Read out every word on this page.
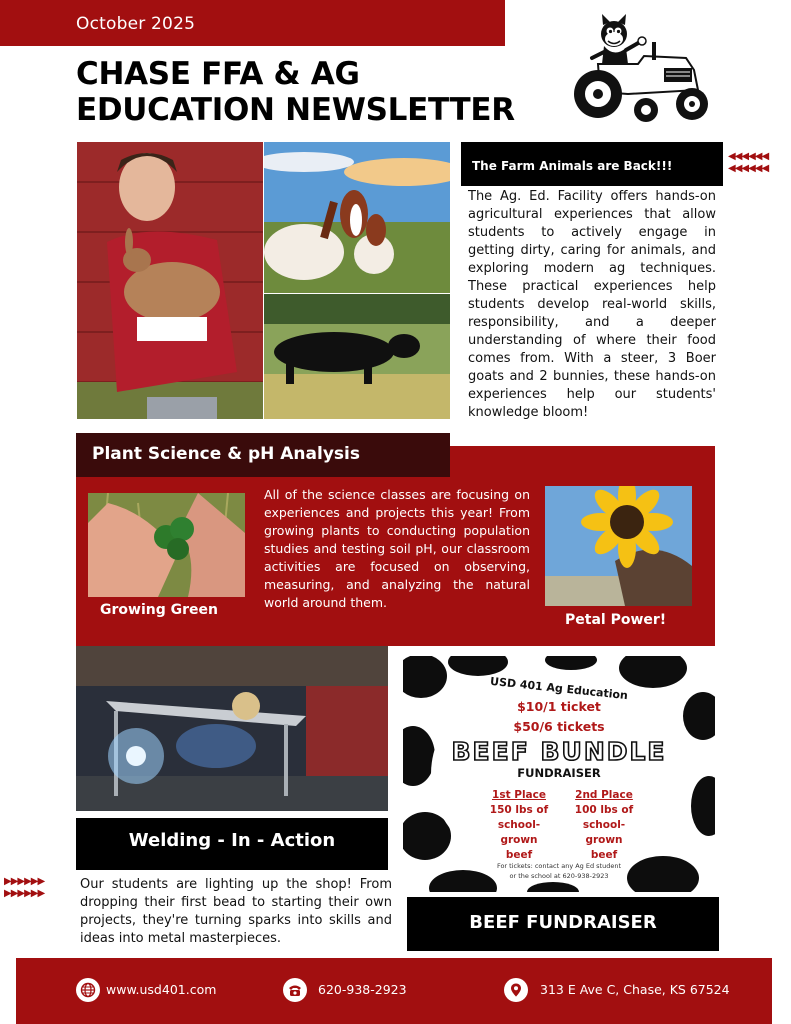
October 2025
CHASE FFA & AG
EDUCATION NEWSLETTER
The Farm Animals are Back!!!
◀◀◀◀◀◀
◀◀◀◀◀◀
The Ag. Ed. Facility offers hands-on agricultural experiences that allow students to actively engage in getting dirty, caring for animals, and exploring modern ag techniques. These practical experiences help students develop real-world skills, responsibility, and a deeper understanding of where their food comes from. With a steer, 3 Boer goats and 2 bunnies, these hands-on experiences help our students' knowledge bloom!
Plant Science & pH Analysis
Growing Green
All of the science classes are focusing on experiences and projects this year! From growing plants to conducting population studies and testing soil pH, our classroom activities are focused on observing, measuring, and analyzing the natural world around them.
Petal Power!
Welding - In - Action
▶▶▶▶▶▶
▶▶▶▶▶▶
Our students are lighting up the shop! From dropping their first bead to starting their own projects, they're turning sparks into skills and ideas into metal masterpieces.
USD 401 Ag Education
$10/1 ticket
$50/6 tickets
BEEF BUNDLE
FUNDRAISER
1st Place
150 lbs of
school-grown
beef
2nd Place
100 lbs of
school-grown
beef
For tickets: contact any Ag Ed student
or the school at 620-938-2923
BEEF FUNDRAISER
www.usd401.com	620-938-2923	313 E Ave C, Chase, KS 67524
